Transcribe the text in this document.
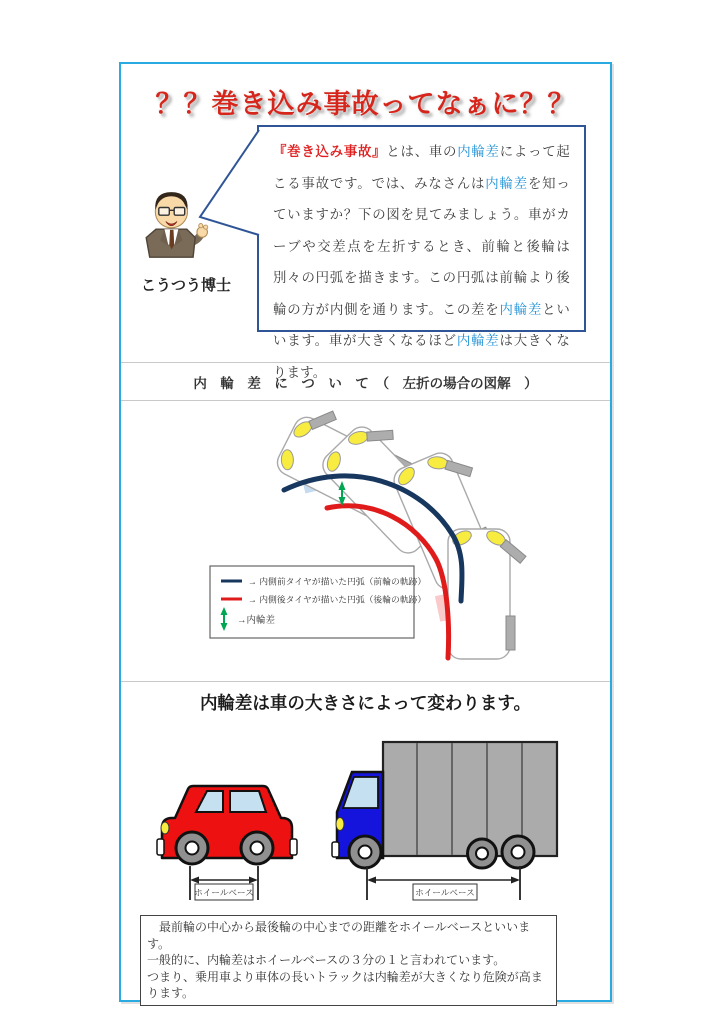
？？巻き込み事故ってなぁに？？
『巻き込み事故』とは、車の内輪差によって起こる事故です。では、みなさんは内輪差を知っていますか？下の図を見てみましょう。車がカーブや交差点を左折するとき、前輪と後輪は別々の円弧を描きます。この円弧は前輪より後輪の方が内側を通ります。この差を内輪差といいます。車が大きくなるほど内輪差は大きくなります。
こうつう博士
内　輪　差　に　つ　い　て　（　左折の場合の図解　）
→ 内側前タイヤが描いた円弧（前輪の軌跡）
→ 内側後タイヤが描いた円弧（後輪の軌跡）
→内輪差
内輪差は車の大きさによって変わります。
ホイールベース	ホイールベース
　最前輪の中心から最後輪の中心までの距離をホイールベースといいます。
一般的に、内輪差はホイールベースの３分の１と言われています。
つまり、乗用車より車体の長いトラックは内輪差が大きくなり危険が高まります。
